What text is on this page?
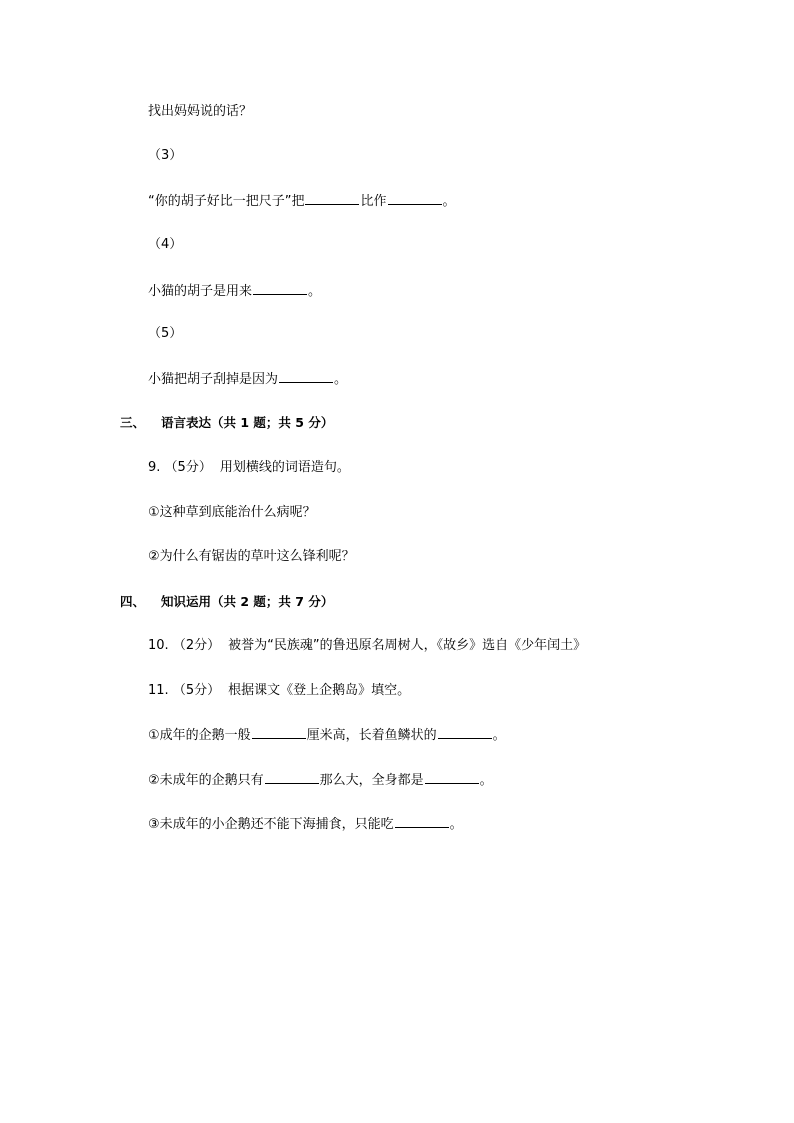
找出妈妈说的话？
（3）
“你的胡子好比一把尺子”把	比作	。
（4）
小猫的胡子是用来	。
（5）
小猫把胡子刮掉是因为	。
三、 语言表达（共 1 题；共 5 分）
9. （5分） 用划横线的词语造句。
①这种草到底能治什么病呢？
②为什么有锯齿的草叶这么锋利呢？
四、 知识运用（共 2 题；共 7 分）
10. （2分） 被誉为“民族魂”的鲁迅原名周树人，《故乡》选自《少年闰土》
11. （5分） 根据课文《登上企鹅岛》填空。
①成年的企鹅一般	厘米高，长着鱼鳞状的	。
②未成年的企鹅只有	那么大，全身都是	。
③未成年的小企鹅还不能下海捕食，只能吃	。
